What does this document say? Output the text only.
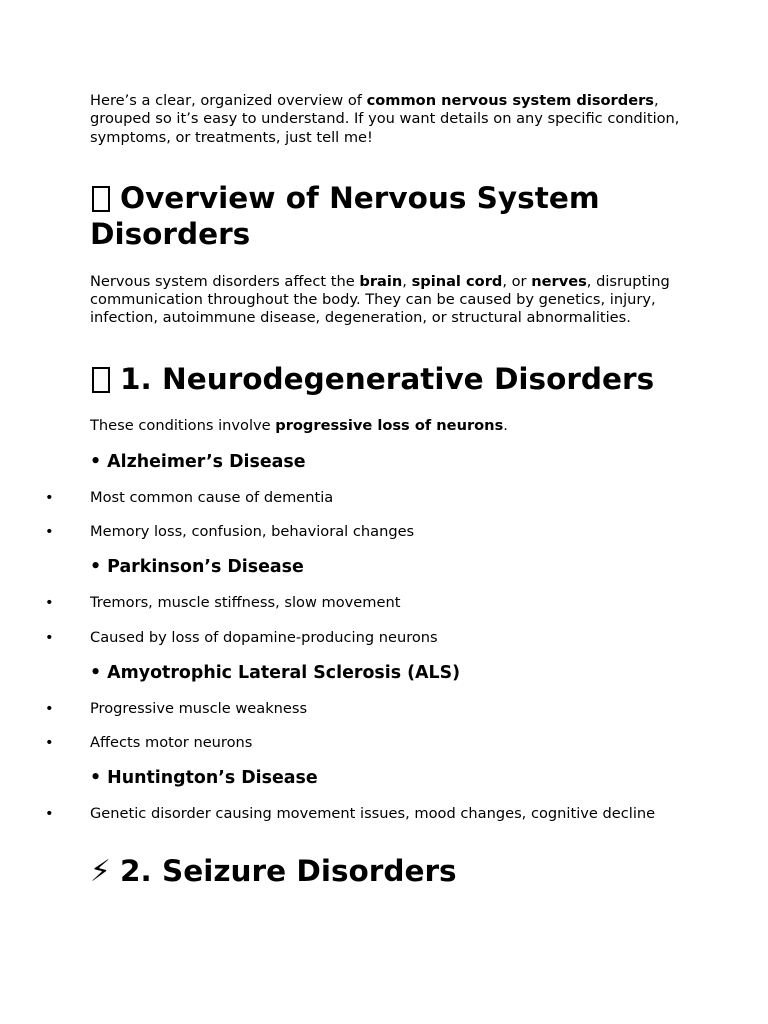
Here’s a clear, organized overview of common nervous system disorders, grouped so it’s easy to understand. If you want details on any specific condition, symptoms, or treatments, just tell me!

Overview of Nervous System Disorders

Nervous system disorders affect the brain, spinal cord, or nerves, disrupting communication throughout the body. They can be caused by genetics, injury, infection, autoimmune disease, degeneration, or structural abnormalities.

1. Neurodegenerative Disorders

These conditions involve progressive loss of neurons.

• Alzheimer’s Disease
• Most common cause of dementia
• Memory loss, confusion, behavioral changes
• Parkinson’s Disease
• Tremors, muscle stiffness, slow movement
• Caused by loss of dopamine-producing neurons
• Amyotrophic Lateral Sclerosis (ALS)
• Progressive muscle weakness
• Affects motor neurons
• Huntington’s Disease
• Genetic disorder causing movement issues, mood changes, cognitive decline
⚡ 2. Seizure Disorders
